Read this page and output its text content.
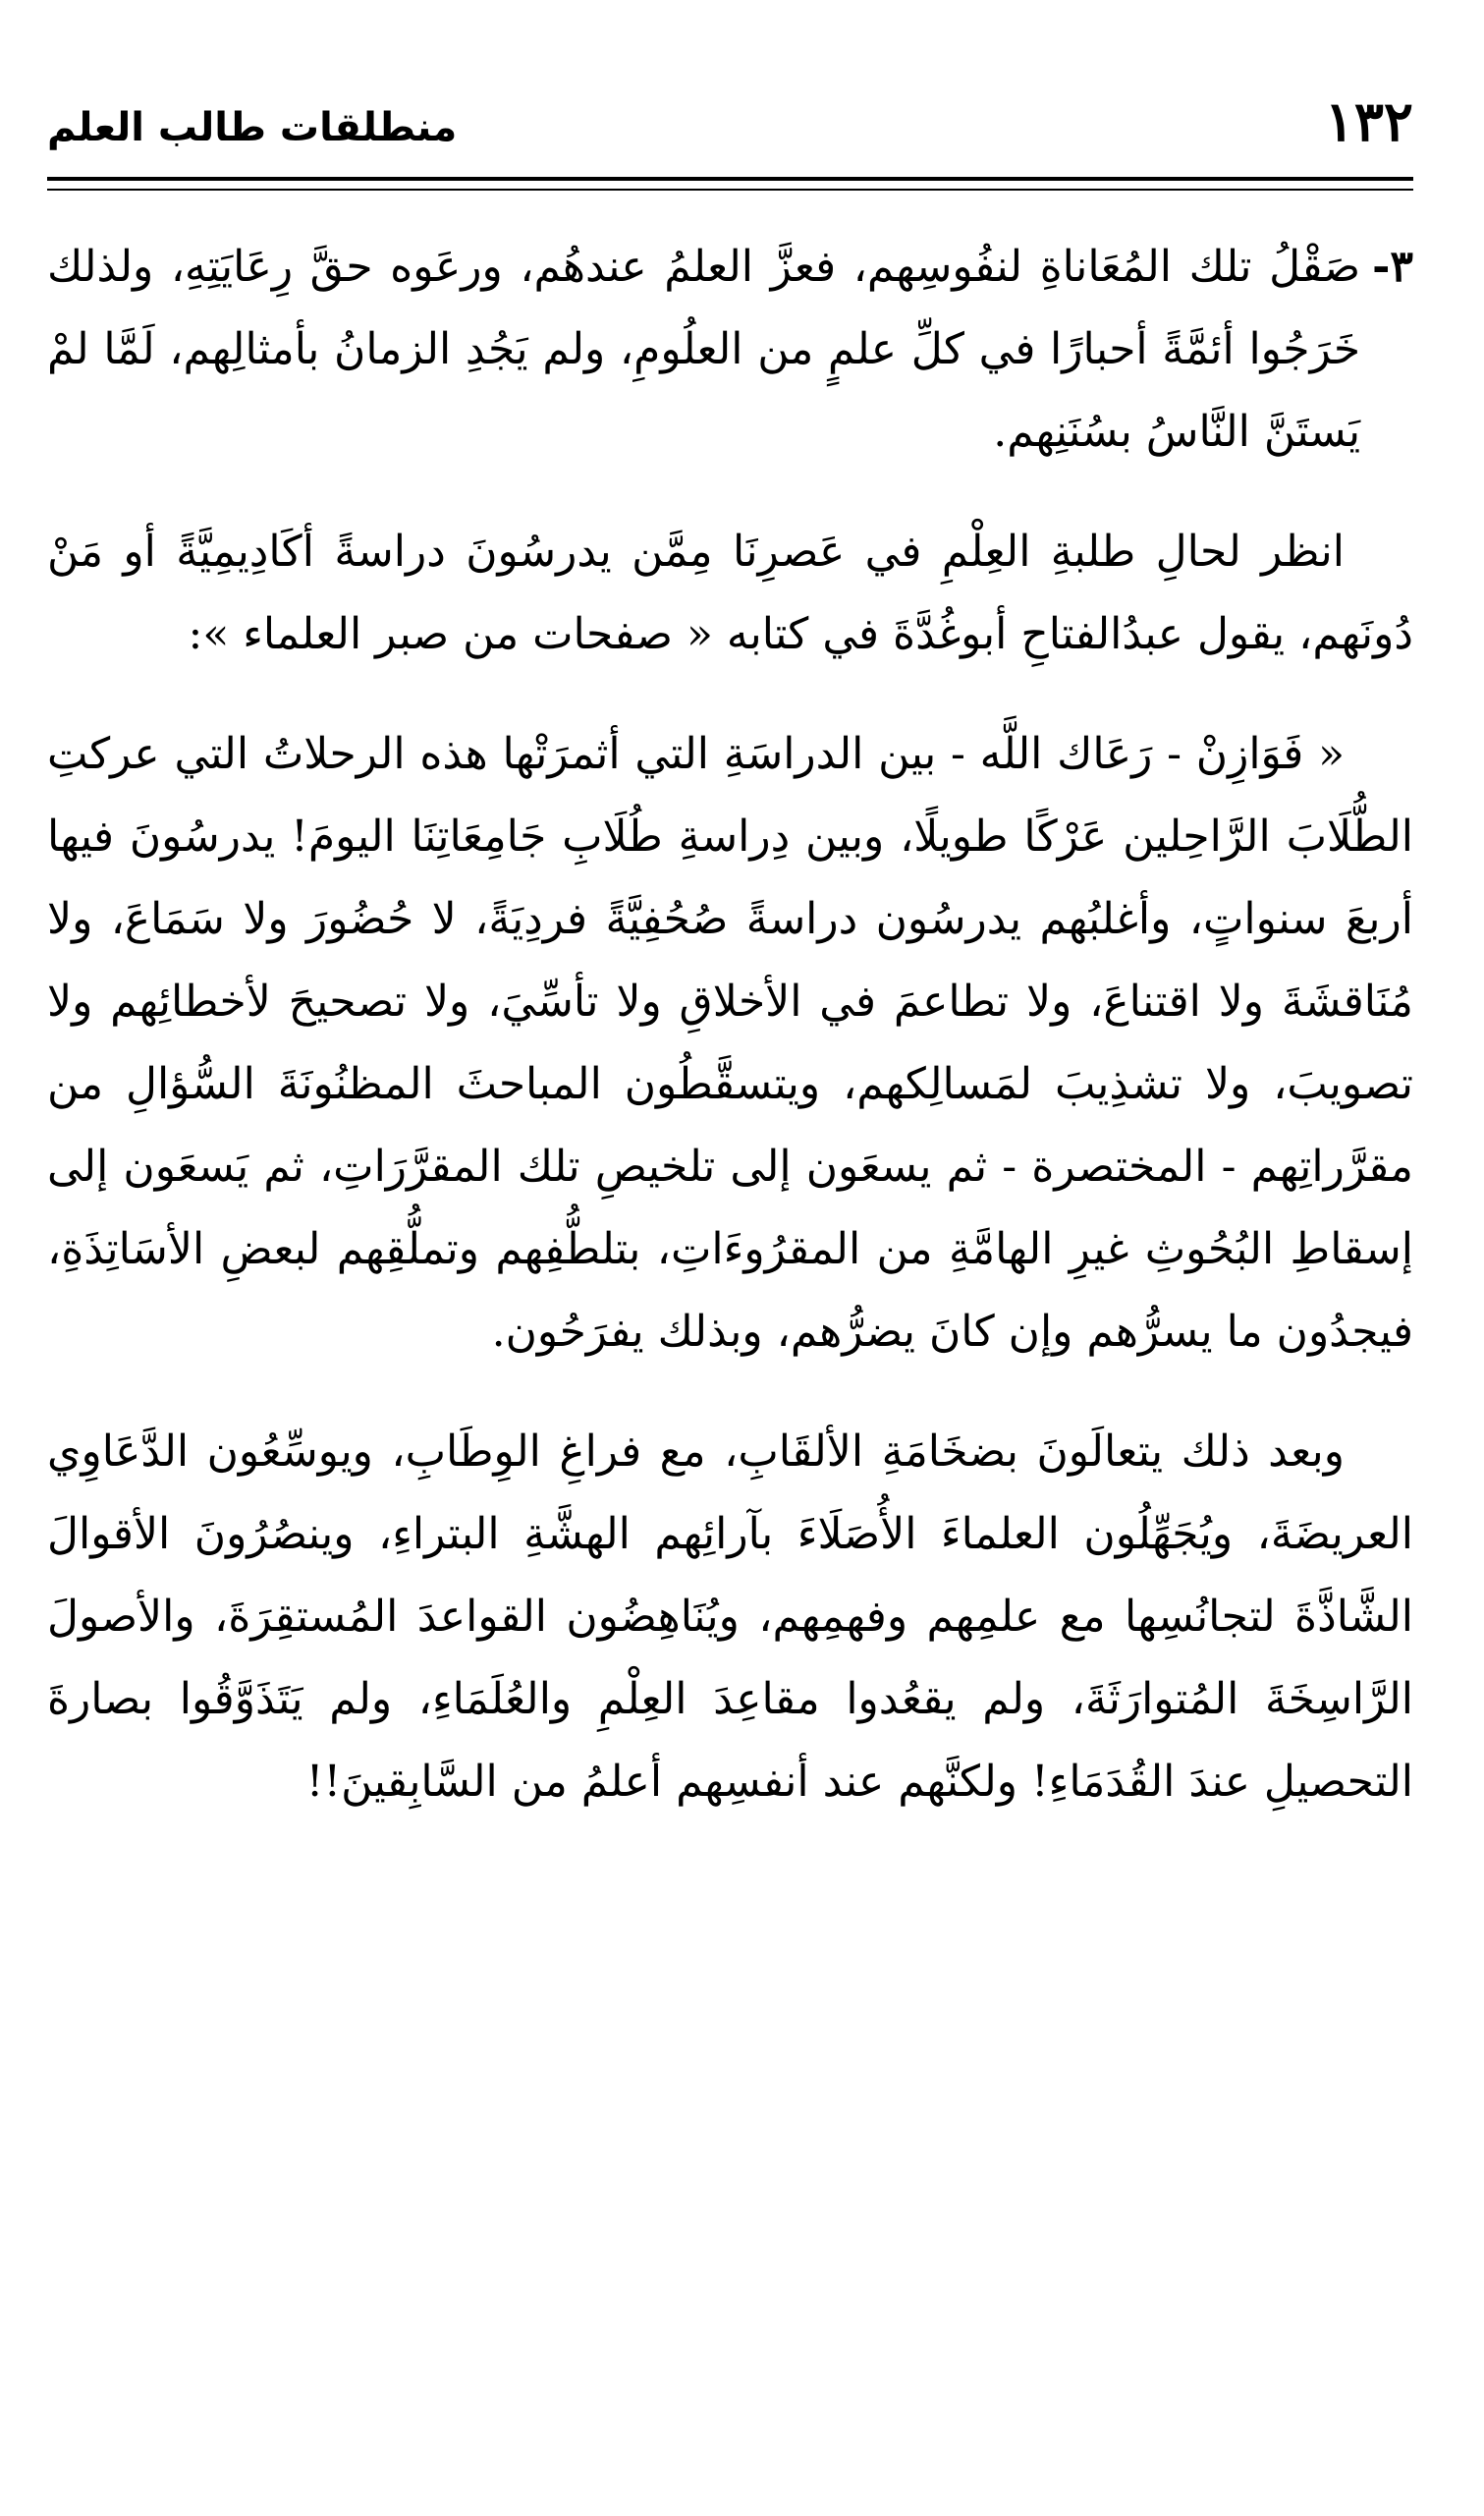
١٣٢
منطلقات طالب العلم

٣-
صَقْلُ تلك المُعَاناةِ لنفُوسِهم، فعزَّ العلمُ عندهُم، ورعَوه حقَّ رِعَايَتِهِ، ولذلك خَرَجُوا أئمَّةً أحبارًا في كلِّ علمٍ من العلُومِ، ولم يَجُدِ الزمانُ بأمثالِهم، لَمَّا لمْ يَستَنَّ النَّاسُ بسُنَنِهم.

انظر لحالِ طلبةِ العِلْمِ في عَصرِنَا مِمَّن يدرسُونَ دراسةً أكَادِيمِيَّةً أو مَنْ دُونَهم، يقول عبدُالفتاحِ أبوغُدَّةَ في كتابه « صفحات من صبر العلماء »:

« فَوَازِنْ - رَعَاك اللَّه - بين الدراسَةِ التي أثمرَتْها هذه الرحلاتُ التي عركتِ الطُّلَابَ الرَّاحِلين عَرْكًا طويلًا، وبين دِراسةِ طُلَابِ جَامِعَاتِنَا اليومَ! يدرسُونَ فيها أربعَ سنواتٍ، وأغلبُهم يدرسُون دراسةً صُحُفِيَّةً فردِيَةً، لا حُضُورَ ولا سَمَاعَ، ولا مُنَاقشَةَ ولا اقتناعَ، ولا تطاعمَ في الأخلاقِ ولا تأسِّيَ، ولا تصحيحَ لأخطائِهم ولا تصويبَ، ولا تشذِيبَ لمَسالِكهم، ويتسقَّطُون المباحثَ المظنُونَةَ السُّؤالِ من مقرَّراتِهم - المختصرة - ثم يسعَون إلى تلخيصِ تلك المقرَّرَاتِ، ثم يَسعَون إلى إسقاطِ البُحُوثِ غيرِ الهامَّةِ من المقرُوءَاتِ، بتلطُّفِهم وتملُّقِهم لبعضِ الأسَاتِذَةِ، فيجدُون ما يسرُّهم وإن كانَ يضرُّهم، وبذلك يفرَحُون.

وبعد ذلك يتعالَونَ بضخَامَةِ الألقَابِ، مع فراغِ الوِطَابِ، ويوسِّعُون الدَّعَاوِي العريضَةَ، ويُجَهِّلُون العلماءَ الأُصَلَاءَ بآرائِهم الهشَّةِ البتراءِ، وينصُرُونَ الأقوالَ الشَّاذَّةَ لتجانُسِها مع علمِهم وفهمِهم، ويُنَاهِضُون القواعدَ المُستقِرَةَ، والأصولَ الرَّاسِخَةَ المُتوارَثَةَ، ولم يقعُدوا مقاعِدَ العِلْمِ والعُلَمَاءِ، ولم يَتَذَوَّقُوا بصارةَ التحصيلِ عندَ القُدَمَاءِ! ولكنَّهم عند أنفسِهم أعلمُ من السَّابِقينَ!!
